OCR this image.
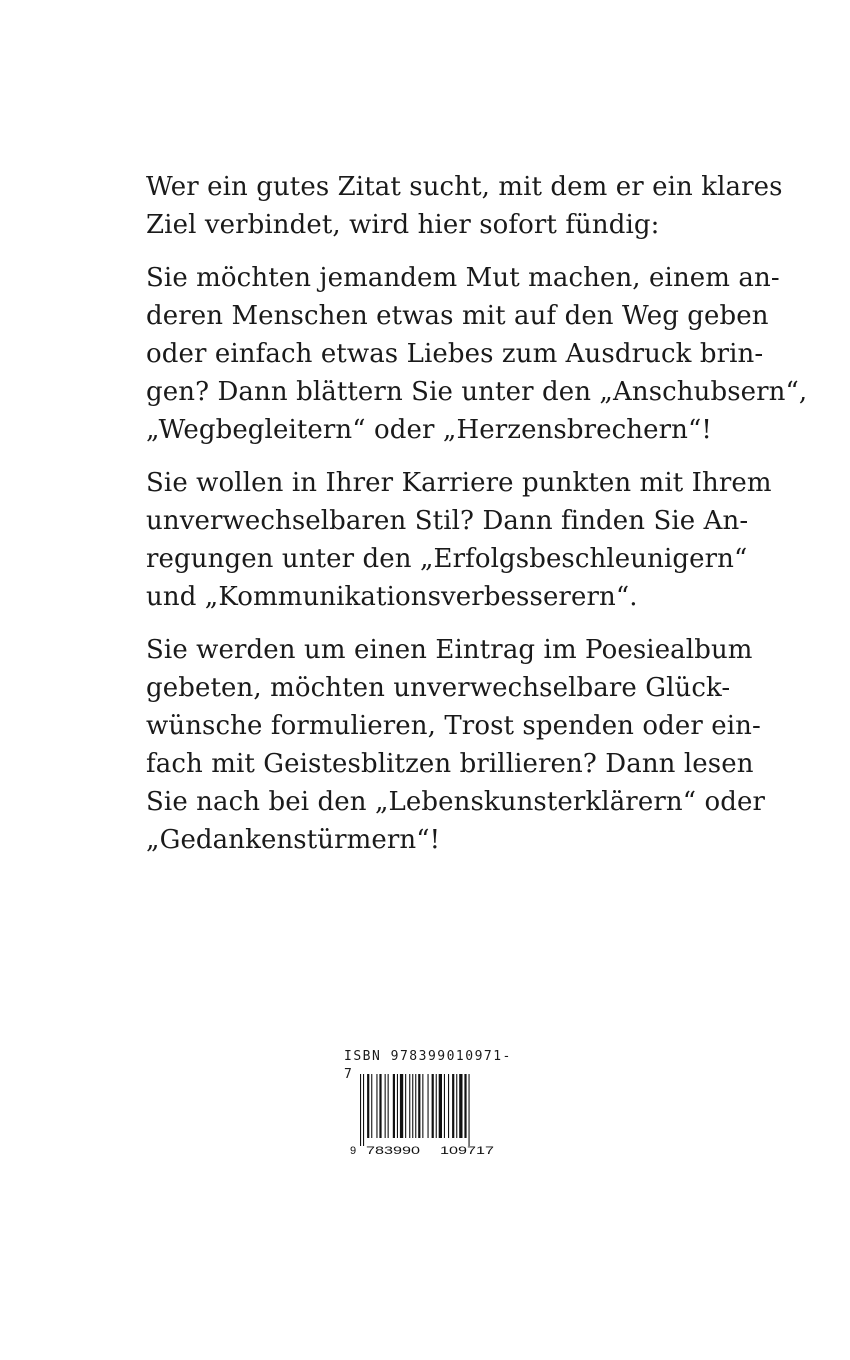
Wer ein gutes Zitat sucht, mit dem er ein klares
Ziel verbindet, wird hier sofort fündig:
Sie möchten jemandem Mut machen, einem an-
deren Menschen etwas mit auf den Weg geben
oder einfach etwas Liebes zum Ausdruck brin-
gen? Dann blättern Sie unter den „Anschubsern“,
„Wegbegleitern“ oder „Herzensbrechern“!
Sie wollen in Ihrer Karriere punkten mit Ihrem
unverwechselbaren Stil? Dann finden Sie An-
regungen unter den „Erfolgsbeschleunigern“
und „Kommunikationsverbesserern“.
Sie werden um einen Eintrag im Poesiealbum
gebeten, möchten unverwechselbare Glück-
wünsche formulieren, Trost spenden oder ein-
fach mit Geistesblitzen brillieren? Dann lesen
Sie nach bei den „Lebenskunsterklärern“ oder
„Gedankenstürmern“!
ISBN 978399010971-7
9 783990 109717
